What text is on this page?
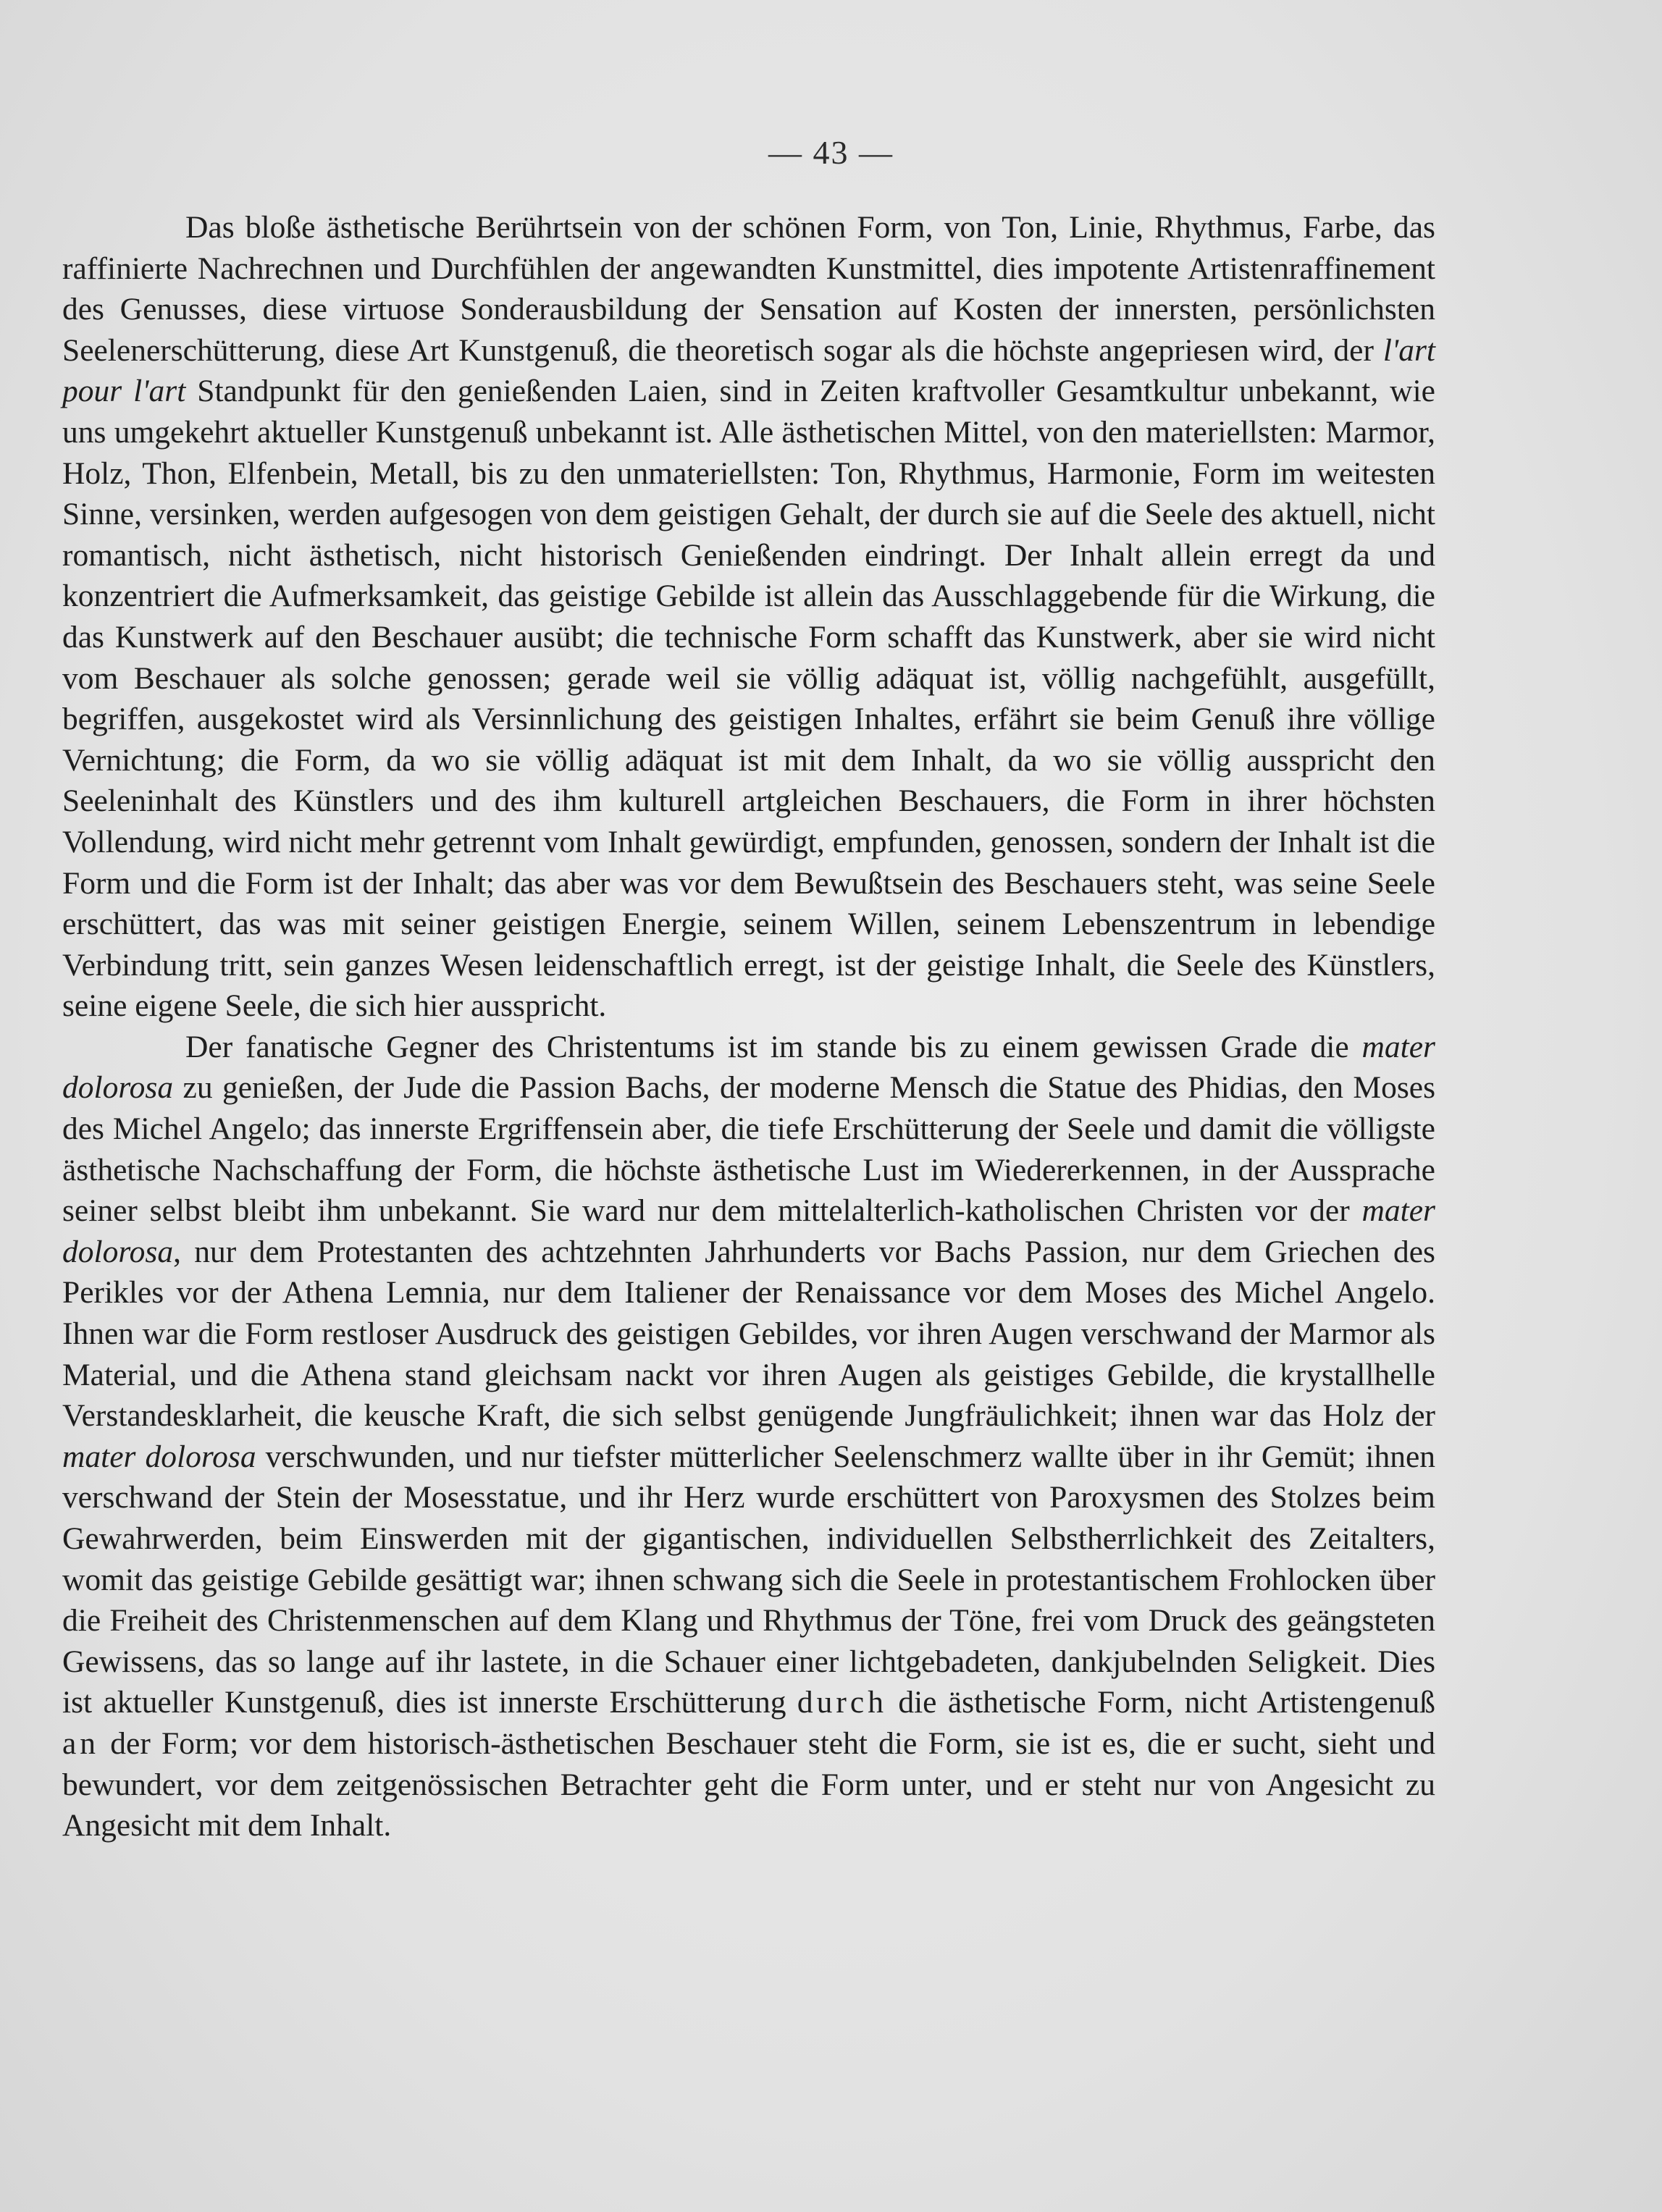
— 43 —

Das bloße ästhetische Berührtsein von der schönen Form, von Ton, Linie, Rhythmus, Farbe, das raffinierte Nachrechnen und Durchfühlen der angewandten Kunstmittel, dies impotente Artistenraffinement des Genusses, diese virtuose Sonderausbildung der Sensation auf Kosten der innersten, persönlichsten Seelenerschütterung, diese Art Kunstgenuß, die theoretisch sogar als die höchste angepriesen wird, der l'art pour l'art Standpunkt für den genießenden Laien, sind in Zeiten kraftvoller Gesamtkultur unbekannt, wie uns umgekehrt aktueller Kunstgenuß unbekannt ist. Alle ästhetischen Mittel, von den materiellsten: Marmor, Holz, Thon, Elfenbein, Metall, bis zu den unmateriellsten: Ton, Rhythmus, Harmonie, Form im weitesten Sinne, versinken, werden aufgesogen von dem geistigen Gehalt, der durch sie auf die Seele des aktuell, nicht romantisch, nicht ästhetisch, nicht historisch Genießenden eindringt. Der Inhalt allein erregt da und konzentriert die Aufmerksamkeit, das geistige Gebilde ist allein das Ausschlaggebende für die Wirkung, die das Kunstwerk auf den Beschauer ausübt; die technische Form schafft das Kunstwerk, aber sie wird nicht vom Beschauer als solche genossen; gerade weil sie völlig adäquat ist, völlig nachgefühlt, ausgefüllt, begriffen, ausgekostet wird als Versinnlichung des geistigen Inhaltes, erfährt sie beim Genuß ihre völlige Vernichtung; die Form, da wo sie völlig adäquat ist mit dem Inhalt, da wo sie völlig ausspricht den Seeleninhalt des Künstlers und des ihm kulturell artgleichen Beschauers, die Form in ihrer höchsten Vollendung, wird nicht mehr getrennt vom Inhalt gewürdigt, empfunden, genossen, sondern der Inhalt ist die Form und die Form ist der Inhalt; das aber was vor dem Bewußtsein des Beschauers steht, was seine Seele erschüttert, das was mit seiner geistigen Energie, seinem Willen, seinem Lebenszentrum in lebendige Verbindung tritt, sein ganzes Wesen leidenschaftlich erregt, ist der geistige Inhalt, die Seele des Künstlers, seine eigene Seele, die sich hier ausspricht.

Der fanatische Gegner des Christentums ist im stande bis zu einem gewissen Grade die mater dolorosa zu genießen, der Jude die Passion Bachs, der moderne Mensch die Statue des Phidias, den Moses des Michel Angelo; das innerste Ergriffensein aber, die tiefe Erschütterung der Seele und damit die völligste ästhetische Nachschaffung der Form, die höchste ästhetische Lust im Wiedererkennen, in der Aussprache seiner selbst bleibt ihm unbekannt. Sie ward nur dem mittelalterlich-katholischen Christen vor der mater dolorosa, nur dem Protestanten des achtzehnten Jahrhunderts vor Bachs Passion, nur dem Griechen des Perikles vor der Athena Lemnia, nur dem Italiener der Renaissance vor dem Moses des Michel Angelo. Ihnen war die Form restloser Ausdruck des geistigen Gebildes, vor ihren Augen verschwand der Marmor als Material, und die Athena stand gleichsam nackt vor ihren Augen als geistiges Gebilde, die krystallhelle Verstandesklarheit, die keusche Kraft, die sich selbst genügende Jungfräulichkeit; ihnen war das Holz der mater dolorosa verschwunden, und nur tiefster mütterlicher Seelenschmerz wallte über in ihr Gemüt; ihnen verschwand der Stein der Mosesstatue, und ihr Herz wurde erschüttert von Paroxysmen des Stolzes beim Gewahrwerden, beim Einswerden mit der gigantischen, individuellen Selbstherrlichkeit des Zeitalters, womit das geistige Gebilde gesättigt war; ihnen schwang sich die Seele in protestantischem Frohlocken über die Freiheit des Christenmenschen auf dem Klang und Rhythmus der Töne, frei vom Druck des geängsteten Gewissens, das so lange auf ihr lastete, in die Schauer einer lichtgebadeten, dankjubelnden Seligkeit. Dies ist aktueller Kunstgenuß, dies ist innerste Erschütterung durch die ästhetische Form, nicht Artistengenuß an der Form; vor dem historisch-ästhetischen Beschauer steht die Form, sie ist es, die er sucht, sieht und bewundert, vor dem zeitgenössischen Betrachter geht die Form unter, und er steht nur von Angesicht zu Angesicht mit dem Inhalt.
